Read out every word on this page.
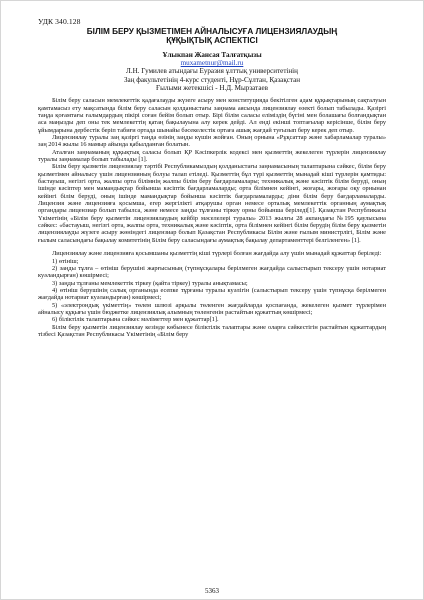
УДК 340.128
БІЛІМ БЕРУ ҚЫЗМЕТІМЕН АЙНАЛЫСУҒА ЛИЦЕНЗИЯЛАУДЫҢ
ҚҰҚЫҚТЫҚ АСПЕКТІСІ
Ұлыкпан Жансая Талғатқызы
muxametnur@mail.ru
Л.Н. Гумилев атындағы Еуразия ұлттық университетінің
Заң факультетінің 4-курс студенті, Нұр-Сұлтан, Қазақстан
Ғылыми жетекшісі - Н.Д. Мырзатаев

Білім беру саласын мемлекеттік қадағалауды жүзеге асыру мен конституцияда бекітілген адам құқықтарының сақталуын қамтамасыз ету мақсатында білім беру саласын қолданыстағы заңнама аясында лицензиялау өзекті болып табылады. Қазіргі таңда қоғамтағы ғалымдардың пікірі соған бейім болып отыр. Бірі білім саласы еліміздің бүгіні мен болашағы болғандықтан аса маңызды деп оны тек мемлекеттің қатаң бақылауына алу керек дейді. Ал енді екінші топтағылар керісінше, білім беру ұйымдарына дербестік беріп табиғи ортада шынайы бәсекелестік ортаға ашық жағдай туғызып беру керек деп отыр.

Лицензиялау туралы заң қазіргі таңда өзінің заңды күшін жойған. Оның орнына «Рұқсаттар және хабарламалар туралы» заң 2014 жылы 16 мамыр айында қабылданған болатын.

Аталған заңнаманың құқықтық саласы болып ҚР Кәсіпкерлік кодексі мен қызметтің жекелеген түрлерін лицензиялау туралы заңнамалар болып табылады [1].

Білім беру қызметін лицензиялау тәртібі Республикамыздың қолданыстағы заңнамасының талаптарына сәйкес, білім беру қызметімен айналысу үшін лицензияның болуы талап етіледі. Қызметтің бұл түрі қызметтің мынадай кіші түрлерін қамтиды: бастауыш, негізгі орта, жалпы орта білімнің жалпы білім беру бағдарламалары; техникалық және кәсіптік білім беруді, оның ішінде кәсіптер мен мамандықтар бойынша кәсіптік бағдарламаларды; орта білімнен кейінгі, жоғары, жоғары оқу орнынан кейінгі білім беруді, оның ішінде мамандықтар бойынша кәсіптік бағдарламаларды; діни білім беру бағдарламаларды. Лицензия және лицензияға қосымша, егер жергілікті атқарушы орган немесе орталық мемлекеттік органның аумақтық органдары лицензиар болып табылса, және немесе заңды тұлғаны тіркеу орны бойынша беріледі[1]. Қазақстан Республикасы Үкіметінің «Білім беру қызметін лицензиялаудың кейбір мәселелері туралы» 2013 жылғы 28 акпандағы №195 қаулысына сәйкес: «бастауыш, негізгі орта, жалпы орта, техникалық және кәсіптік, орта білімнен кейінгі білім берудің білім беру қызметін лицензиялауды жүзеге асыру жөніндегі лицензиар болып Қазақстан Республикасы Білім және ғылым министрлігі, Білім және ғылым саласындағы бақылау комитетінің Білім беру саласындағы аумақтық бақылау департаменттері белгіленген» [1].

Лицензиялау және лицензияға қосымшаны қызметтің кіші түрлері болған жағдайда алу үшін мынадай құжаттар беріледі:

1) өтініш;

2) заңды тұлға – өтініш берушіні жарғысының (түпнұсқалары берілмеген жағдайда салыстырып тексеру үшін нотариат куәландырған) көшірмесі;

3) заңды тұлғаны мемлекеттік тіркеу (қайта тіркеу) туралы анықтамасы;

4) өтініш берушінің салық органында есепке тұрғаны туралы куәлігін (салыстырып тексеру үшін түпнұсқа берілмеген жағдайда нотариат куәландырған) көшірмесі;

5) «электрондық үкіметтің» төлем шлюзі арқылы төленген жағдайларда қоспағанда, жекелеген қызмет түрлерімен айналысу құқығы үшін бюджетке лицензиялық алымның төленгенін растайтын құжаттың көшірмесі;

6) біліктілік талаптарына сәйкес мәліметтер мен құжаттар[1].

Білім беру қызметін лицензиялау кезінде көбынесе біліктілік талаптары және оларға сәйкестігін растайтын құжаттардың тізбесі Қазақстан Республикасы Үкіметінің «Білім беру

5363
